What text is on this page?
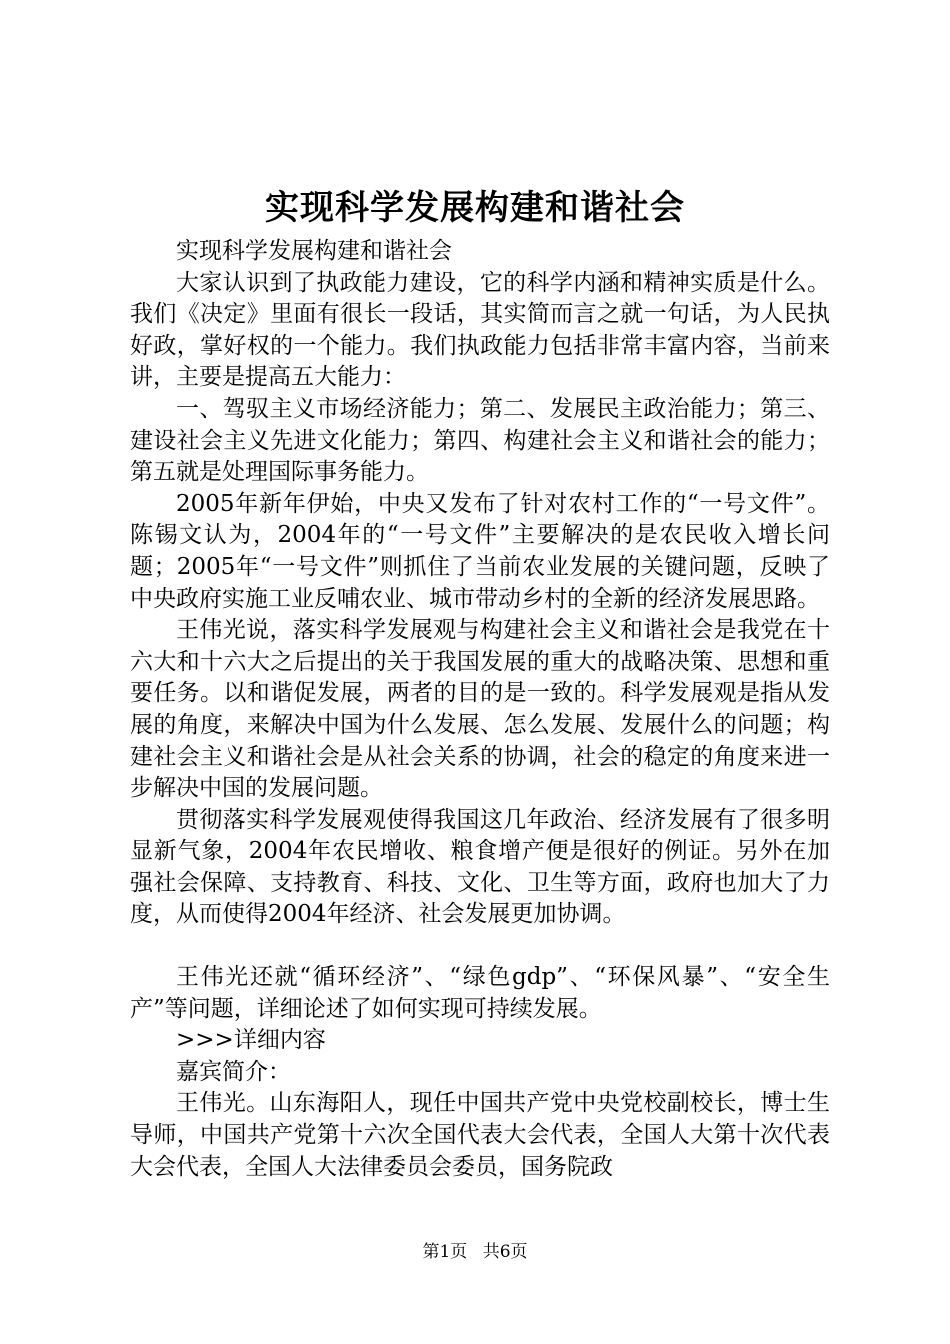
实现科学发展构建和谐社会

实现科学发展构建和谐社会

大家认识到了执政能力建设，它的科学内涵和精神实质是什么。我们《决定》里面有很长一段话，其实简而言之就一句话，为人民执好政，掌好权的一个能力。我们执政能力包括非常丰富内容，当前来讲，主要是提高五大能力：

一、驾驭主义市场经济能力；第二、发展民主政治能力；第三、建设社会主义先进文化能力；第四、构建社会主义和谐社会的能力；第五就是处理国际事务能力。

2005年新年伊始，中央又发布了针对农村工作的“一号文件”。陈锡文认为，2004年的“一号文件”主要解决的是农民收入增长问题；2005年“一号文件”则抓住了当前农业发展的关键问题，反映了中央政府实施工业反哺农业、城市带动乡村的全新的经济发展思路。

王伟光说，落实科学发展观与构建社会主义和谐社会是我党在十六大和十六大之后提出的关于我国发展的重大的战略决策、思想和重要任务。以和谐促发展，两者的目的是一致的。科学发展观是指从发展的角度，来解决中国为什么发展、怎么发展、发展什么的问题；构建社会主义和谐社会是从社会关系的协调，社会的稳定的角度来进一步解决中国的发展问题。

贯彻落实科学发展观使得我国这几年政治、经济发展有了很多明显新气象，2004年农民增收、粮食增产便是很好的例证。另外在加强社会保障、支持教育、科技、文化、卫生等方面，政府也加大了力度，从而使得2004年经济、社会发展更加协调。

王伟光还就“循环经济”、“绿色gdp”、“环保风暴”、“安全生产”等问题，详细论述了如何实现可持续发展。

>>>详细内容

嘉宾简介：

王伟光。山东海阳人，现任中国共产党中央党校副校长，博士生导师，中国共产党第十六次全国代表大会代表，全国人大第十次代表大会代表，全国人大法律委员会委员，国务院政

第1页 共6页
